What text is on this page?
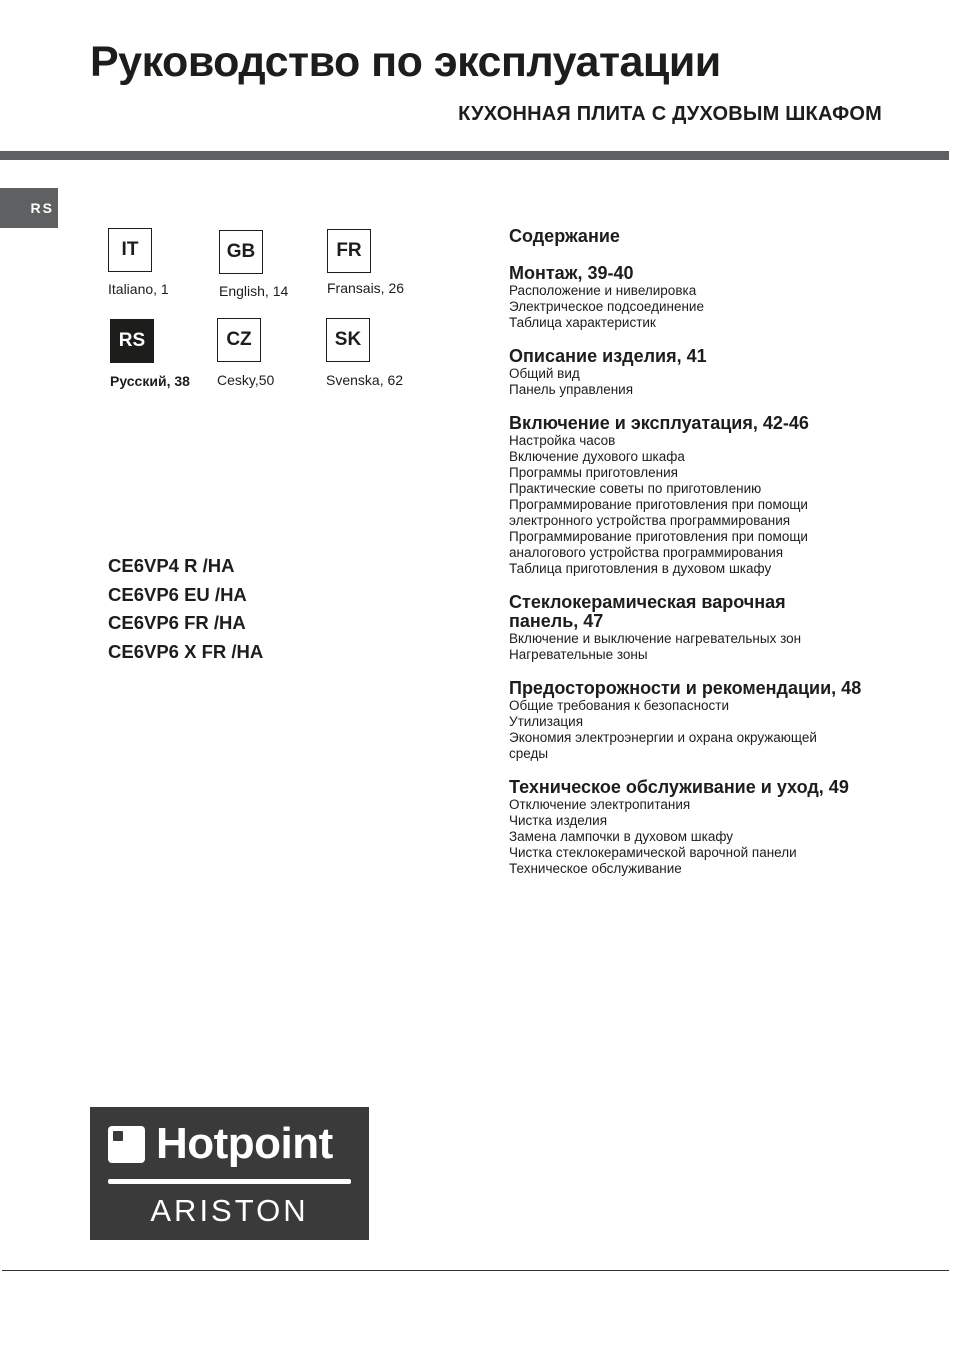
Руководство по эксплуатации
КУХОННАЯ ПЛИТА С ДУХОВЫМ ШКАФОМ
RS
IT
Italiano, 1
GB
English, 14
FR
Fransais, 26
RS
Русский, 38
CZ
Cesky,50
SK
Svenska, 62
CE6VP4 R /HA
CE6VP6 EU /HA
CE6VP6 FR /HA
CE6VP6 X FR /HA
Содержание
Монтаж, 39-40
Расположение и нивелировка
Электрическое подсоединение
Таблица характеристик
Описание изделия, 41
Общий вид
Панель управления
Включение и эксплуатация, 42-46
Настройка часов
Включение духового шкафа
Программы приготовления
Практические советы по приготовлению
Программирование приготовления при помощи
электронного устройства программирования
Программирование приготовления при помощи
аналогового устройства программирования
Таблица приготовления в духовом шкафу
Стеклокерамическая варочная панель, 47
Включение и выключение нагревательных зон
Нагревательные зоны
Предосторожности и рекомендации, 48
Общие требования к безопасности
Утилизация
Экономия электроэнергии и охрана окружающей
среды
Техническое обслуживание и уход, 49
Отключение электропитания
Чистка изделия
Замена лампочки в духовом шкафу
Чистка стеклокерамической варочной панели
Техническое обслуживание
Hotpoint
ARISTON
